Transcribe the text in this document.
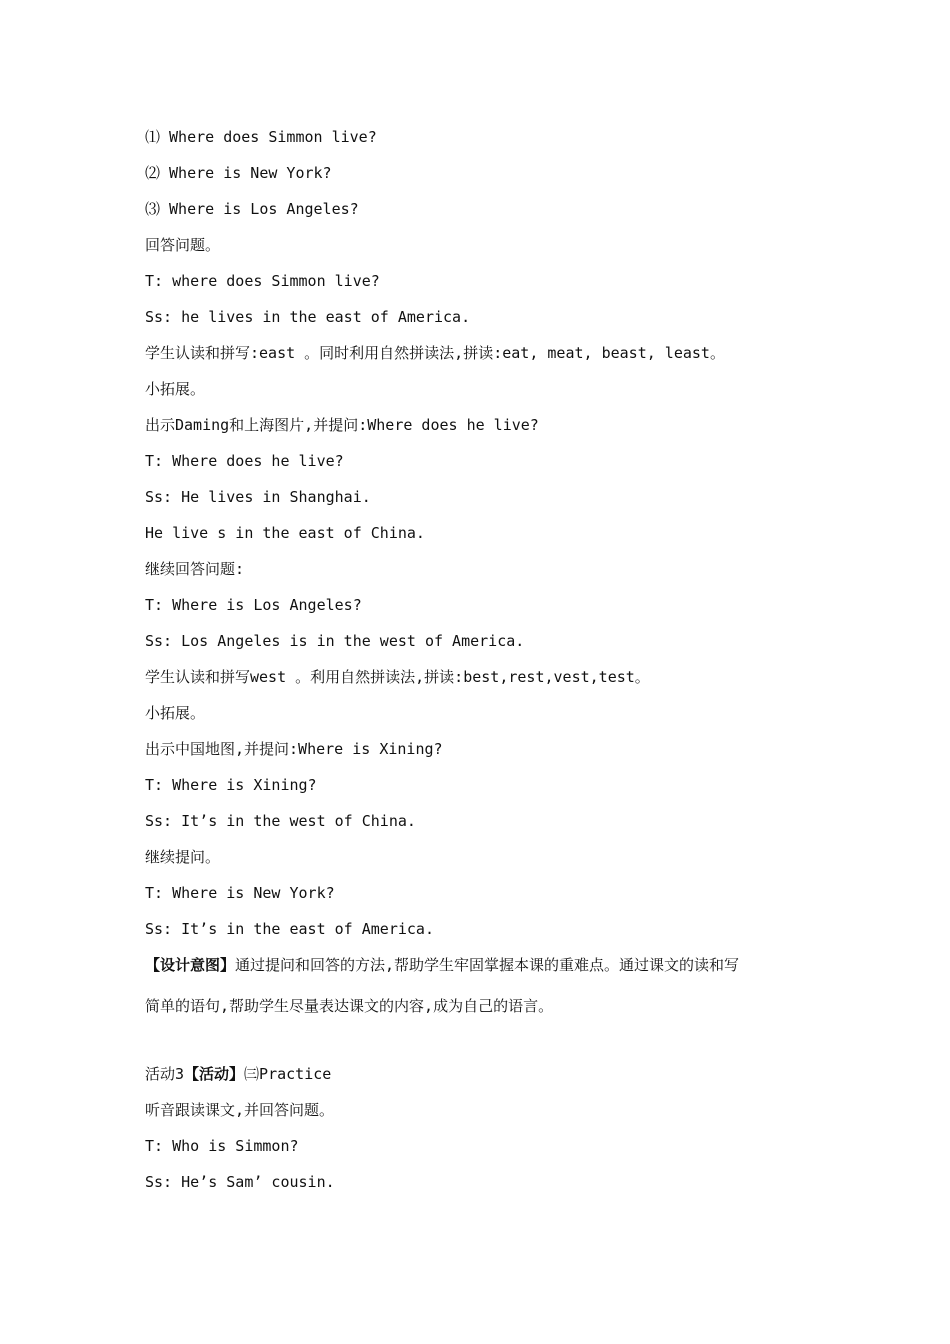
⑴ Where does Simmon live?
⑵ Where is New York?
⑶ Where is Los Angeles?
回答问题。
T: where does Simmon live?
Ss: he lives in the east of America.
学生认读和拼写:east 。同时利用自然拼读法,拼读:eat, meat, beast, least。
小拓展。
出示Daming和上海图片,并提问:Where does he live?
T: Where does he live?
Ss: He lives in Shanghai.
He live s in the east of China.
继续回答问题:
T: Where is Los Angeles?
Ss: Los Angeles is in the west of America.
学生认读和拼写west 。利用自然拼读法,拼读:best,rest,vest,test。
小拓展。
出示中国地图,并提问:Where is Xining?
T: Where is Xining?
Ss: It’s in the west of China.
继续提问。
T: Where is New York?
Ss: It’s in the east of America.
【设计意图】通过提问和回答的方法,帮助学生牢固掌握本课的重难点。通过课文的读和写
简单的语句,帮助学生尽量表达课文的内容,成为自己的语言。
活动3【活动】㈢Practice
听音跟读课文,并回答问题。
T: Who is Simmon?
Ss: He’s Sam’ cousin.
